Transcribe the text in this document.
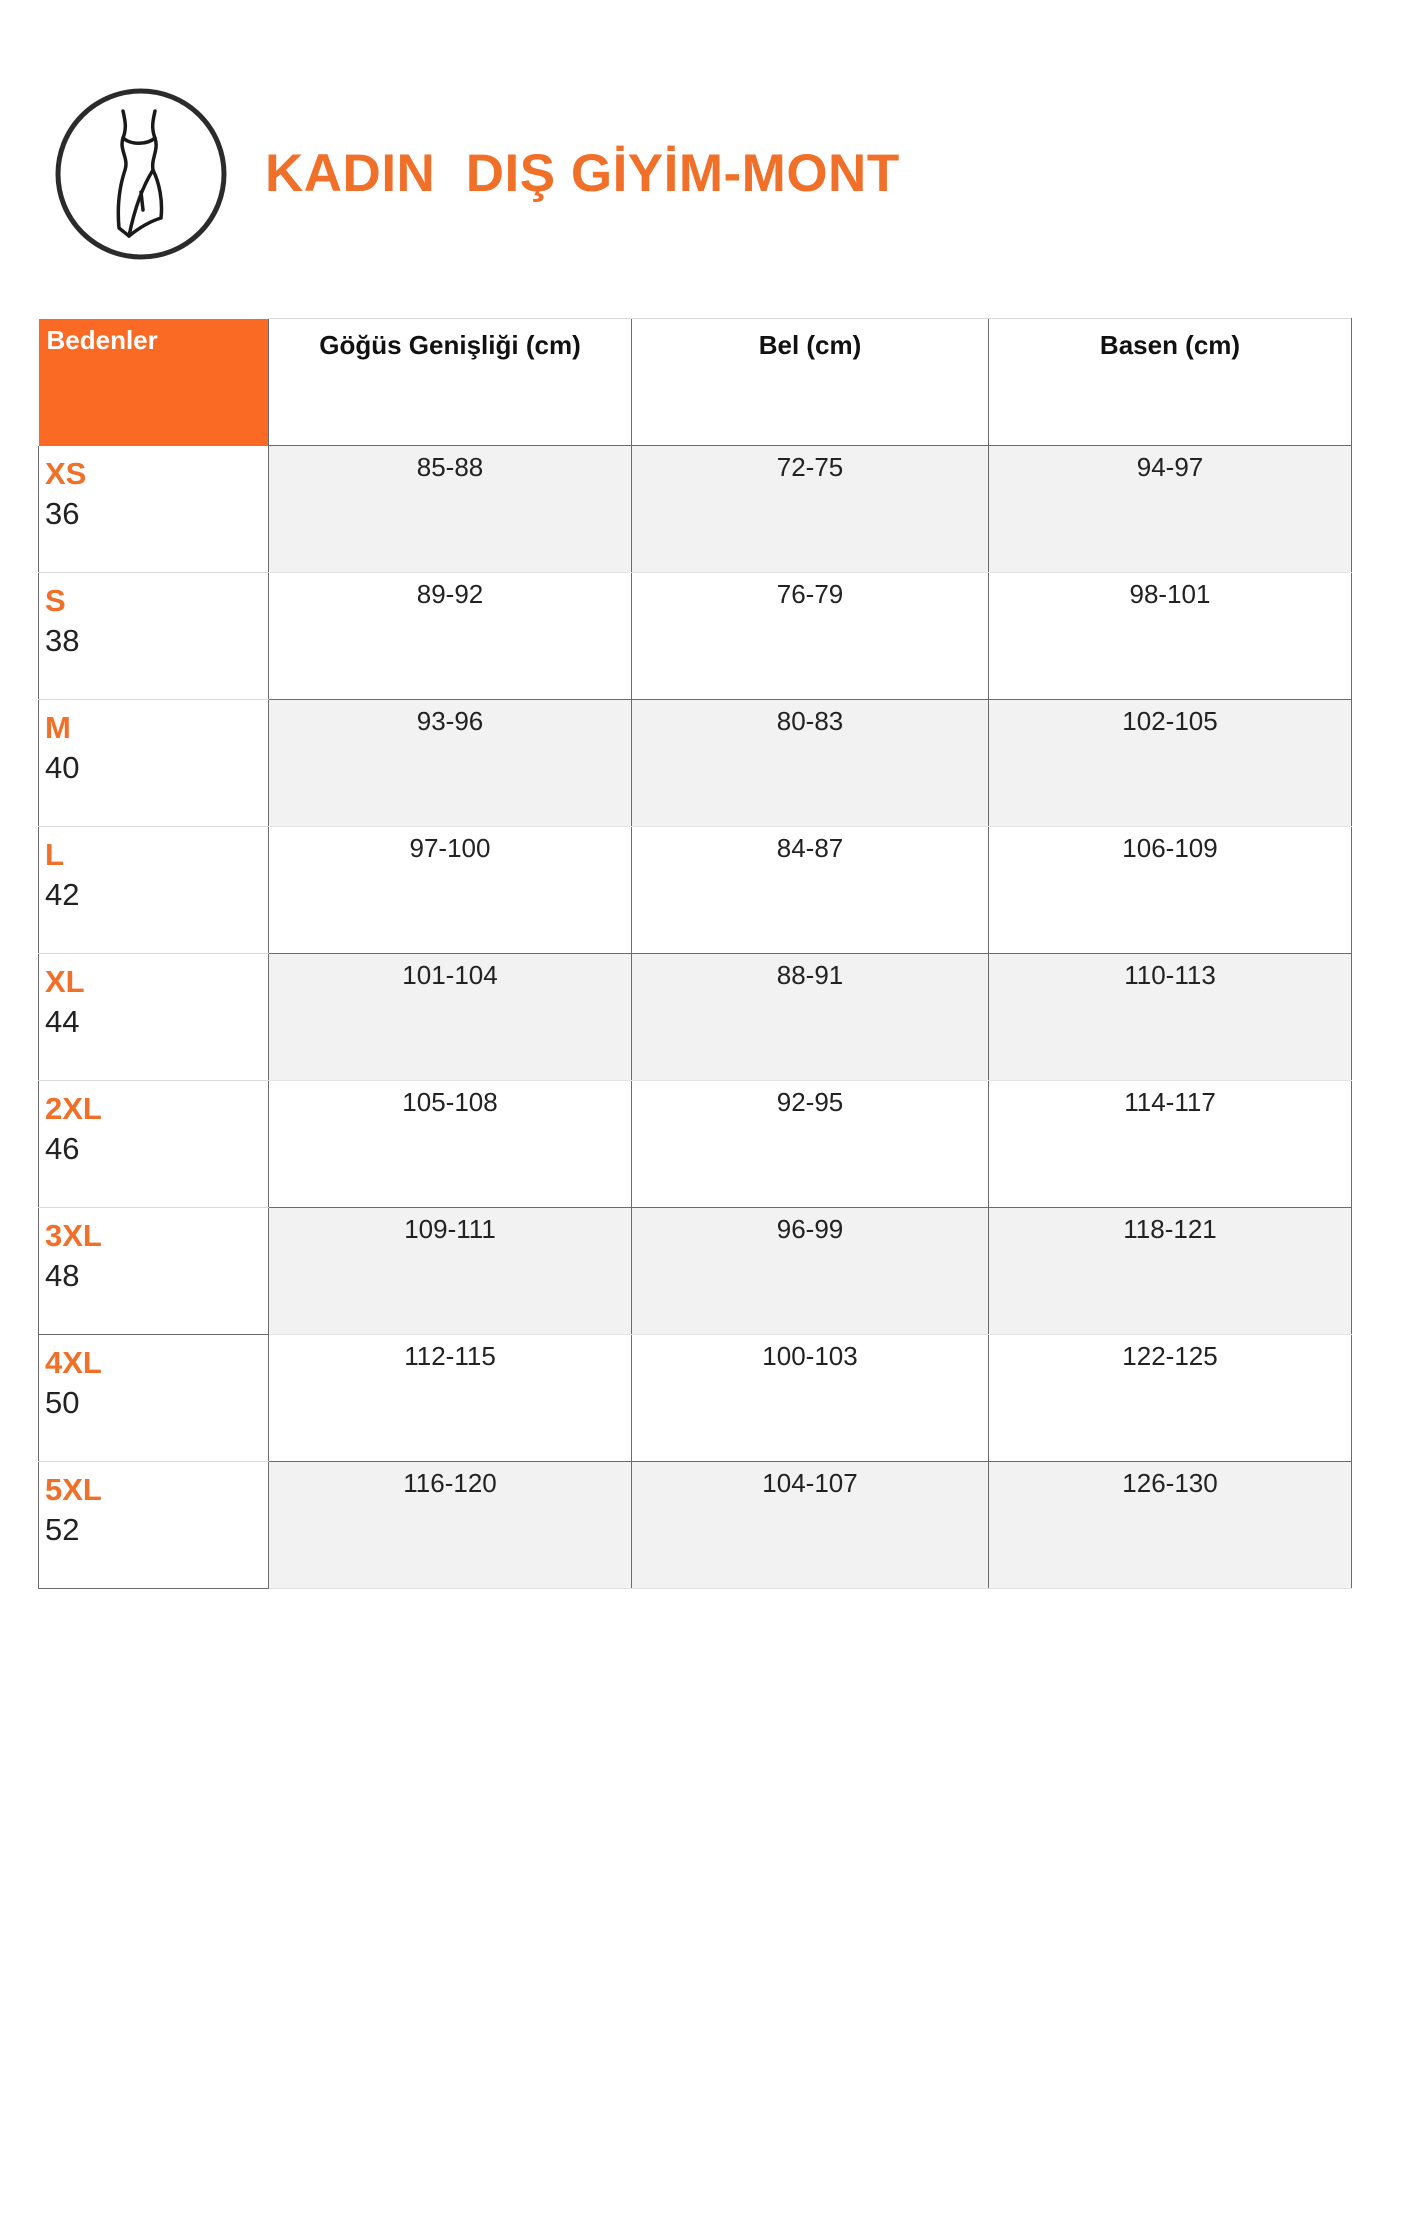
KADIN  DIŞ GİYİM-MONT
Bedenler	Göğüs Genişliği (cm)	Bel (cm)	Basen (cm)

XS
36	85-88	72-75	94-97

S
38	89-92	76-79	98-101

M
40	93-96	80-83	102-105

L
42	97-100	84-87	106-109

XL
44	101-104	88-91	110-113

2XL
46	105-108	92-95	114-117

3XL
48	109-111	96-99	118-121

4XL
50	112-115	100-103	122-125

5XL
52	116-120	104-107	126-130
